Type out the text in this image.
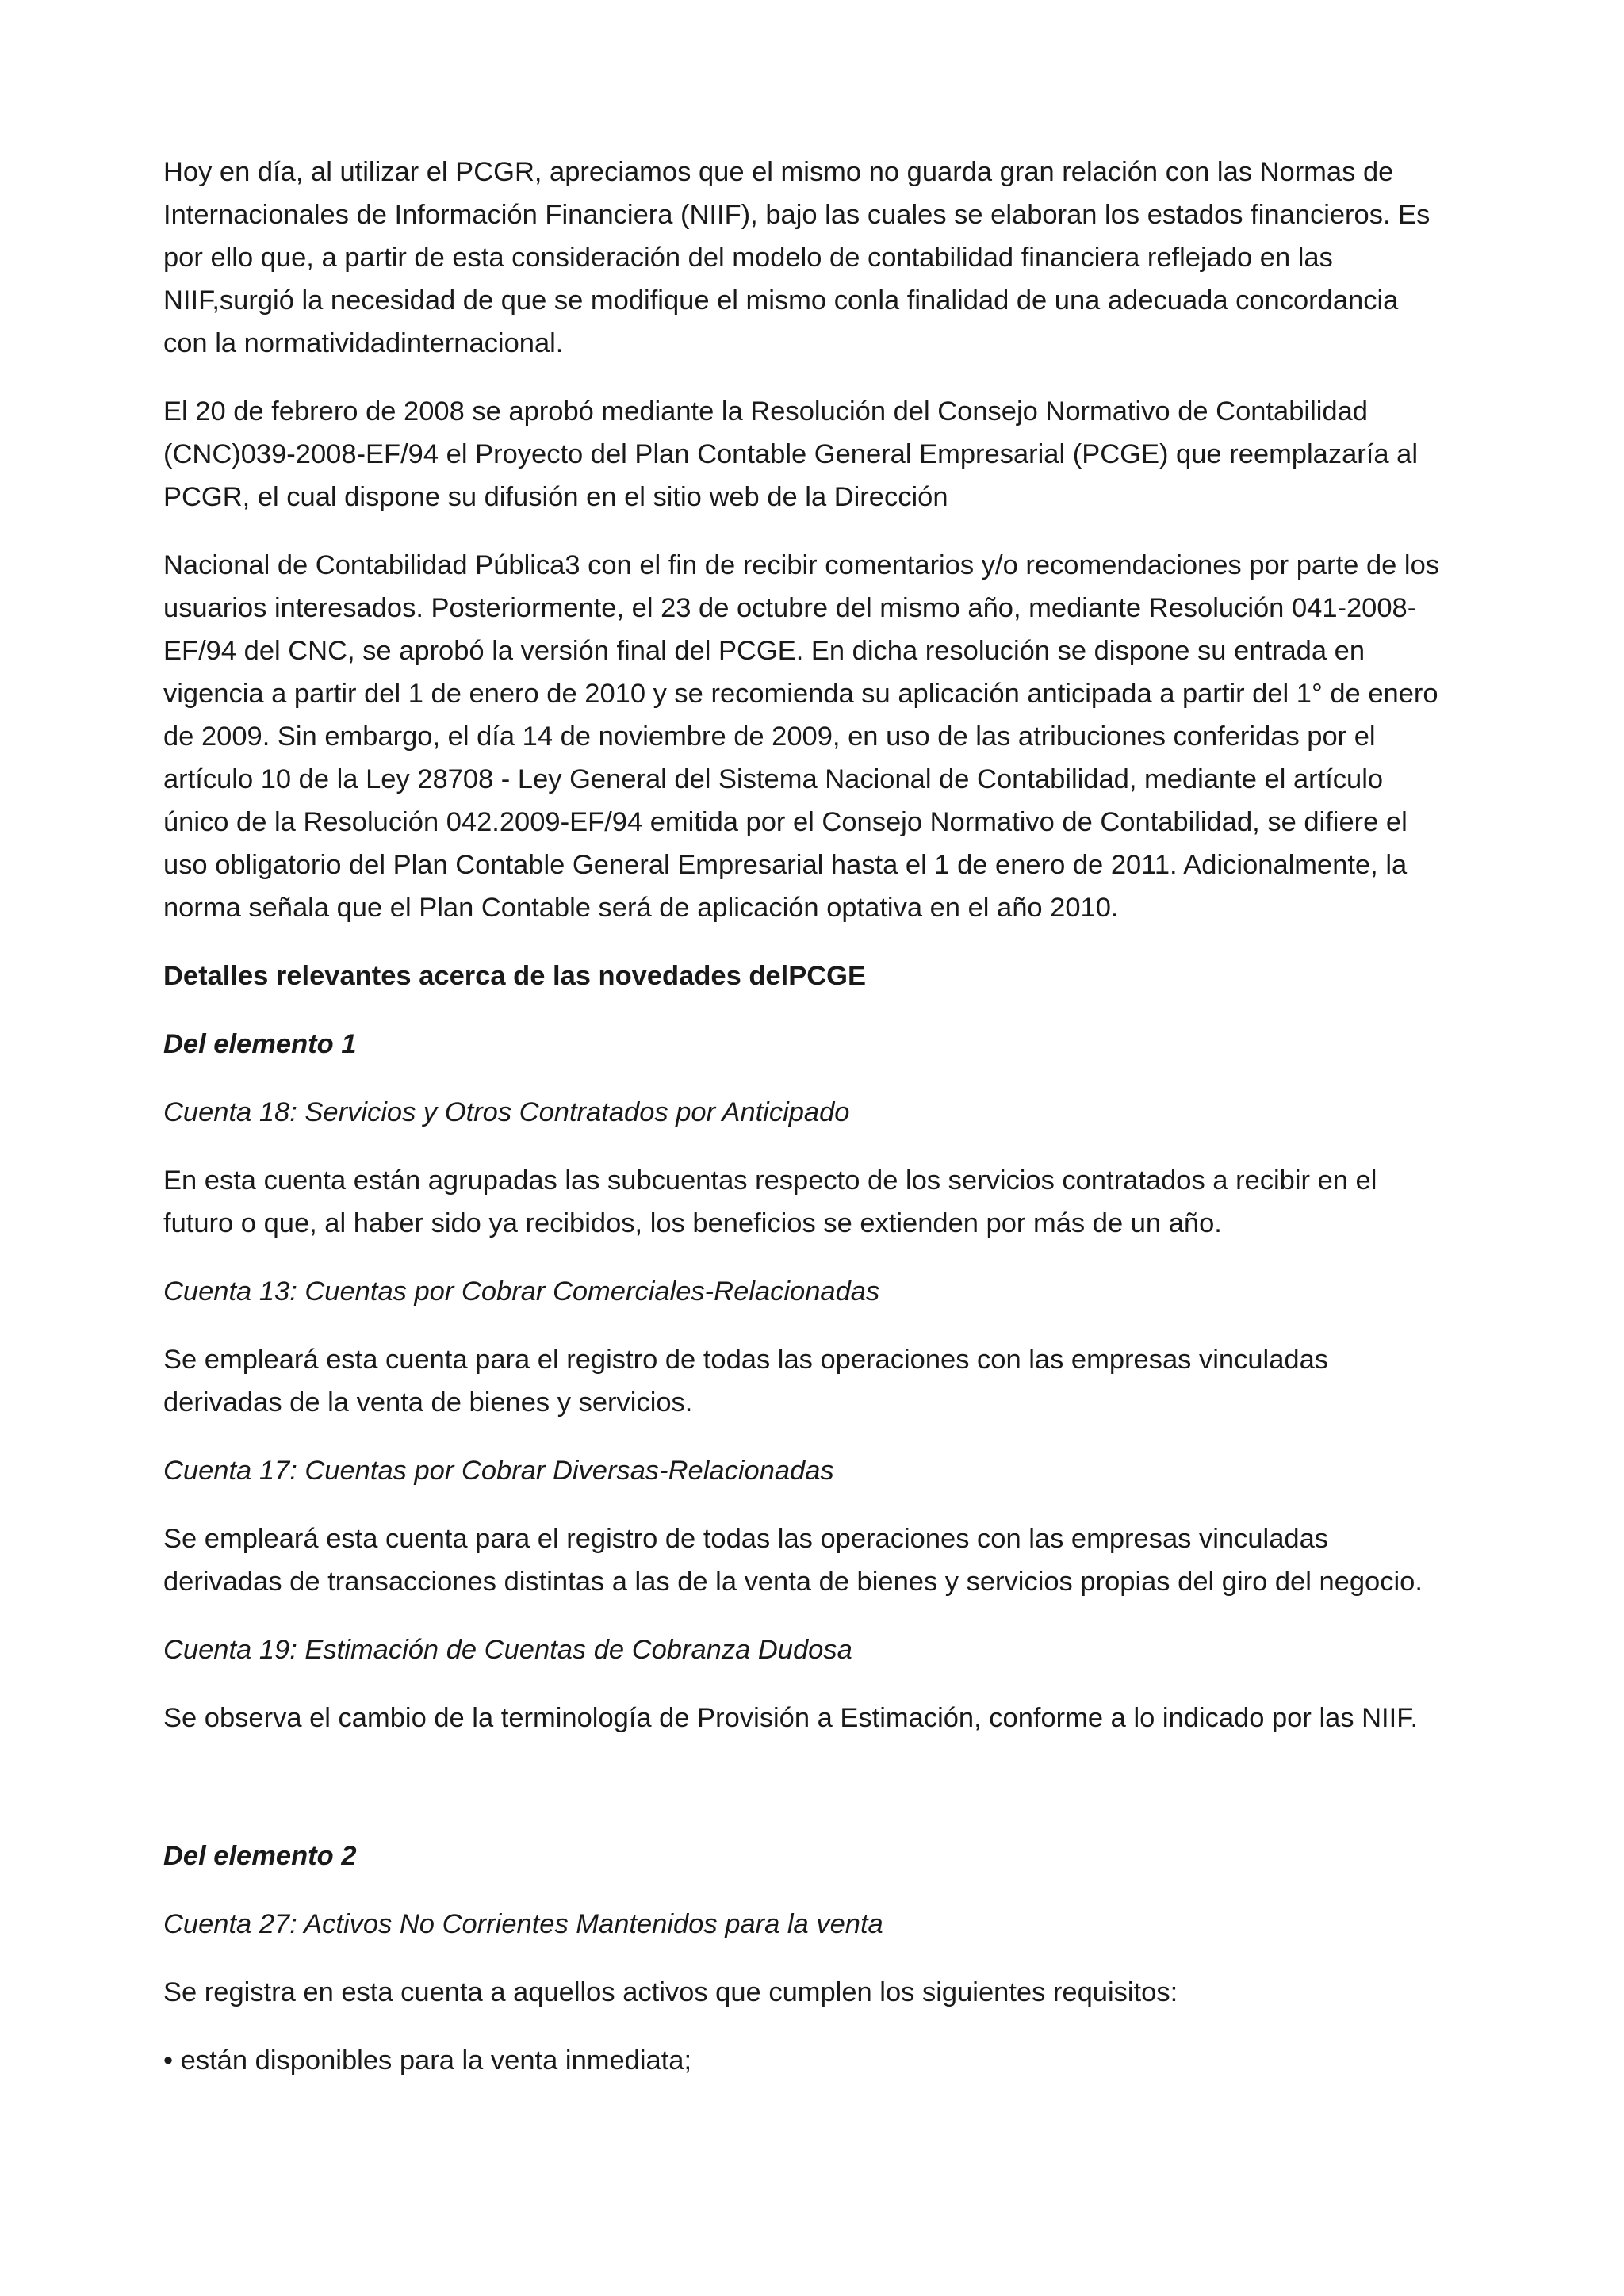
Hoy en día, al utilizar el PCGR, apreciamos que el mismo no guarda gran relación con las Normas de Internacionales de Información Financiera (NIIF), bajo las cuales se elaboran los estados financieros. Es por ello que, a partir de esta consideración del modelo de contabilidad financiera reflejado en las NIIF,surgió la necesidad de que se modifique el mismo conla finalidad de una adecuada concordancia con la normatividadinternacional.

El 20 de febrero de 2008 se aprobó mediante la Resolución del Consejo Normativo de Contabilidad (CNC)039-2008-EF/94 el Proyecto del Plan Contable General Empresarial (PCGE) que reemplazaría al PCGR, el cual dispone su difusión en el sitio web de la Dirección

Nacional de Contabilidad Pública3 con el fin de recibir comentarios y/o recomendaciones por parte de los usuarios interesados. Posteriormente, el 23 de octubre del mismo año, mediante Resolución 041-2008-EF/94 del CNC, se aprobó la versión final del PCGE. En dicha resolución se dispone su entrada en vigencia a partir del 1 de enero de 2010 y se recomienda su aplicación anticipada a partir del 1° de enero de 2009. Sin embargo, el día 14 de noviembre de 2009, en uso de las atribuciones conferidas por el artículo 10 de la Ley 28708 - Ley General del Sistema Nacional de Contabilidad, mediante el artículo único de la Resolución 042.2009-EF/94 emitida por el Consejo Normativo de Contabilidad, se difiere el uso obligatorio del Plan Contable General Empresarial hasta el 1 de enero de 2011. Adicionalmente, la norma señala que el Plan Contable será de aplicación optativa en el año 2010.

Detalles relevantes acerca de las novedades delPCGE

Del elemento 1

Cuenta 18: Servicios y Otros Contratados por Anticipado

En esta cuenta están agrupadas las subcuentas respecto de los servicios contratados a recibir en el futuro o que, al haber sido ya recibidos, los beneficios se extienden por más de un año.

Cuenta 13: Cuentas por Cobrar Comerciales-Relacionadas

Se empleará esta cuenta para el registro de todas las operaciones con las empresas vinculadas derivadas de la venta de bienes y servicios.

Cuenta 17: Cuentas por Cobrar Diversas-Relacionadas

Se empleará esta cuenta para el registro de todas las operaciones con las empresas vinculadas derivadas de transacciones distintas a las de la venta de bienes y servicios propias del giro del negocio.

Cuenta 19: Estimación de Cuentas de Cobranza Dudosa

Se observa el cambio de la terminología de Provisión a Estimación, conforme a lo indicado por las NIIF.

Del elemento 2

Cuenta 27: Activos No Corrientes Mantenidos para la venta

Se registra en esta cuenta a aquellos activos que cumplen los siguientes requisitos:

• están disponibles para la venta inmediata;
